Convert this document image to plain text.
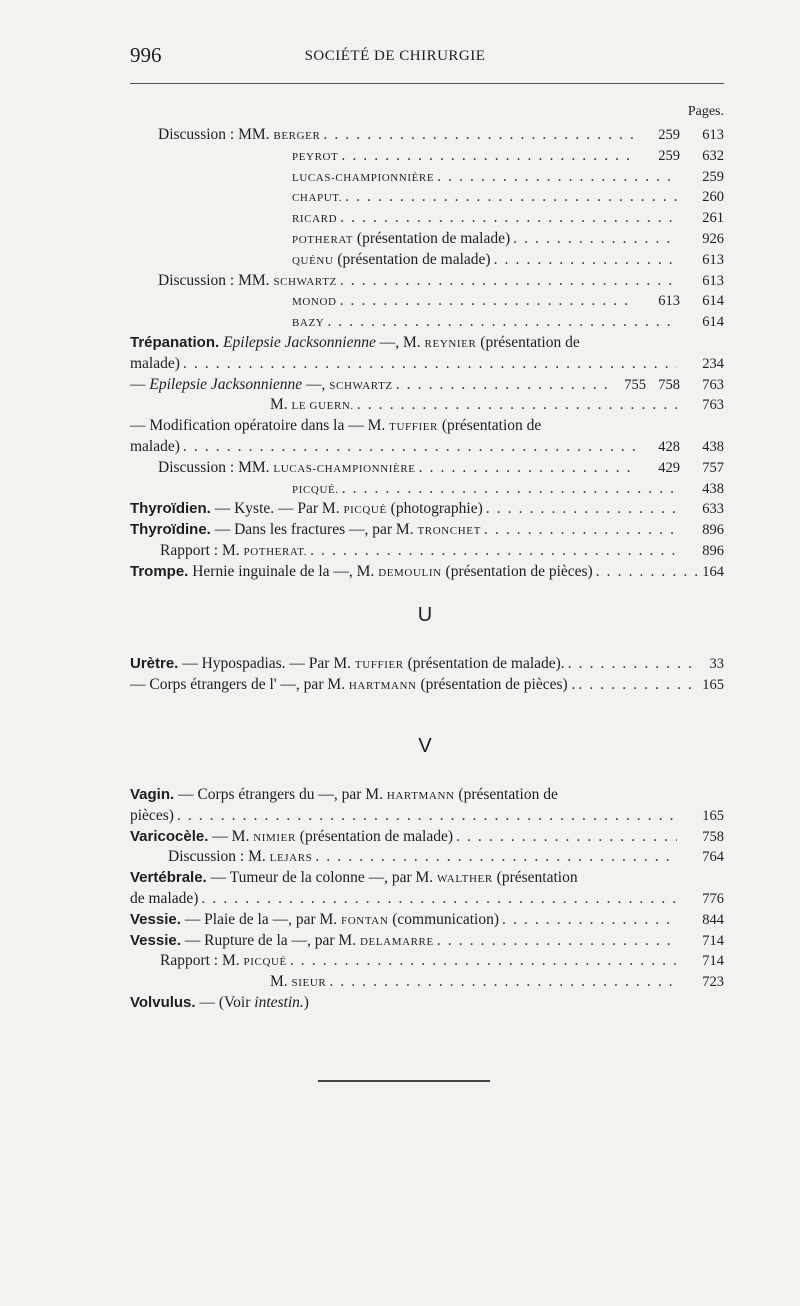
996	SOCIÉTÉ DE CHIRURGIE
Pages.
Discussion : MM. BERGER . . .	259	613
PEYROT . . .	259	632
LUCAS-CHAMPIONNIÈRE . . .	259
CHAPUT. . . .	260
RICARD . . .	261
POTHERAT (présentation de malade) . . .	926
QUÉNU (présentation de malade) . . .	613
Discussion : MM. SCHWARTZ . . .	613
MONOD . . .	613	614
BAZY . . .	614
Trépanation. Epilepsie Jacksonnienne —, M. REYNIER (présentation de
malade) . . .	234
— Epilepsie Jacksonnienne —, SCHWARTZ . . .	755 758	763
M. LE GUERN. . . .	763
— Modification opératoire dans la — M. TUFFIER (présentation de
malade) . . .	428	438
Discussion : MM. LUCAS-CHAMPIONNIÈRE . . .	429	757
PICQUÉ. . . .	438
Thyroïdien. — Kyste. — Par M. PICQUÉ (photographie) . . .	633
Thyroïdine. — Dans les fractures —, par M. TRONCHET . . .	896
Rapport : M. POTHERAT. . . .	896
Trompe. Hernie inguinale de la —, M. DEMOULIN (présentation de pièces) . . .	164
U
Urètre. — Hypospadias. — Par M. TUFFIER (présentation de malade). . . .	33
— Corps étrangers de l' —, par M. HARTMANN (présentation de pièces) . . . .	165
V
Vagin. — Corps étrangers du —, par M. HARTMANN (présentation de
pièces) . . .	165
Varicocèle. — M. NIMIER (présentation de malade) . . .	758
Discussion : M. LEJARS . . .	764
Vertébrale. — Tumeur de la colonne —, par M. WALTHER (présentation
de malade) . . .	776
Vessie. — Plaie de la —, par M. FONTAN (communication) . . .	844
Vessie. — Rupture de la —, par M. DELAMARRE . . .	714
Rapport : M. PICQUÉ . . .	714
M. SIEUR . . .	723
Volvulus. — (Voir intestin.)
